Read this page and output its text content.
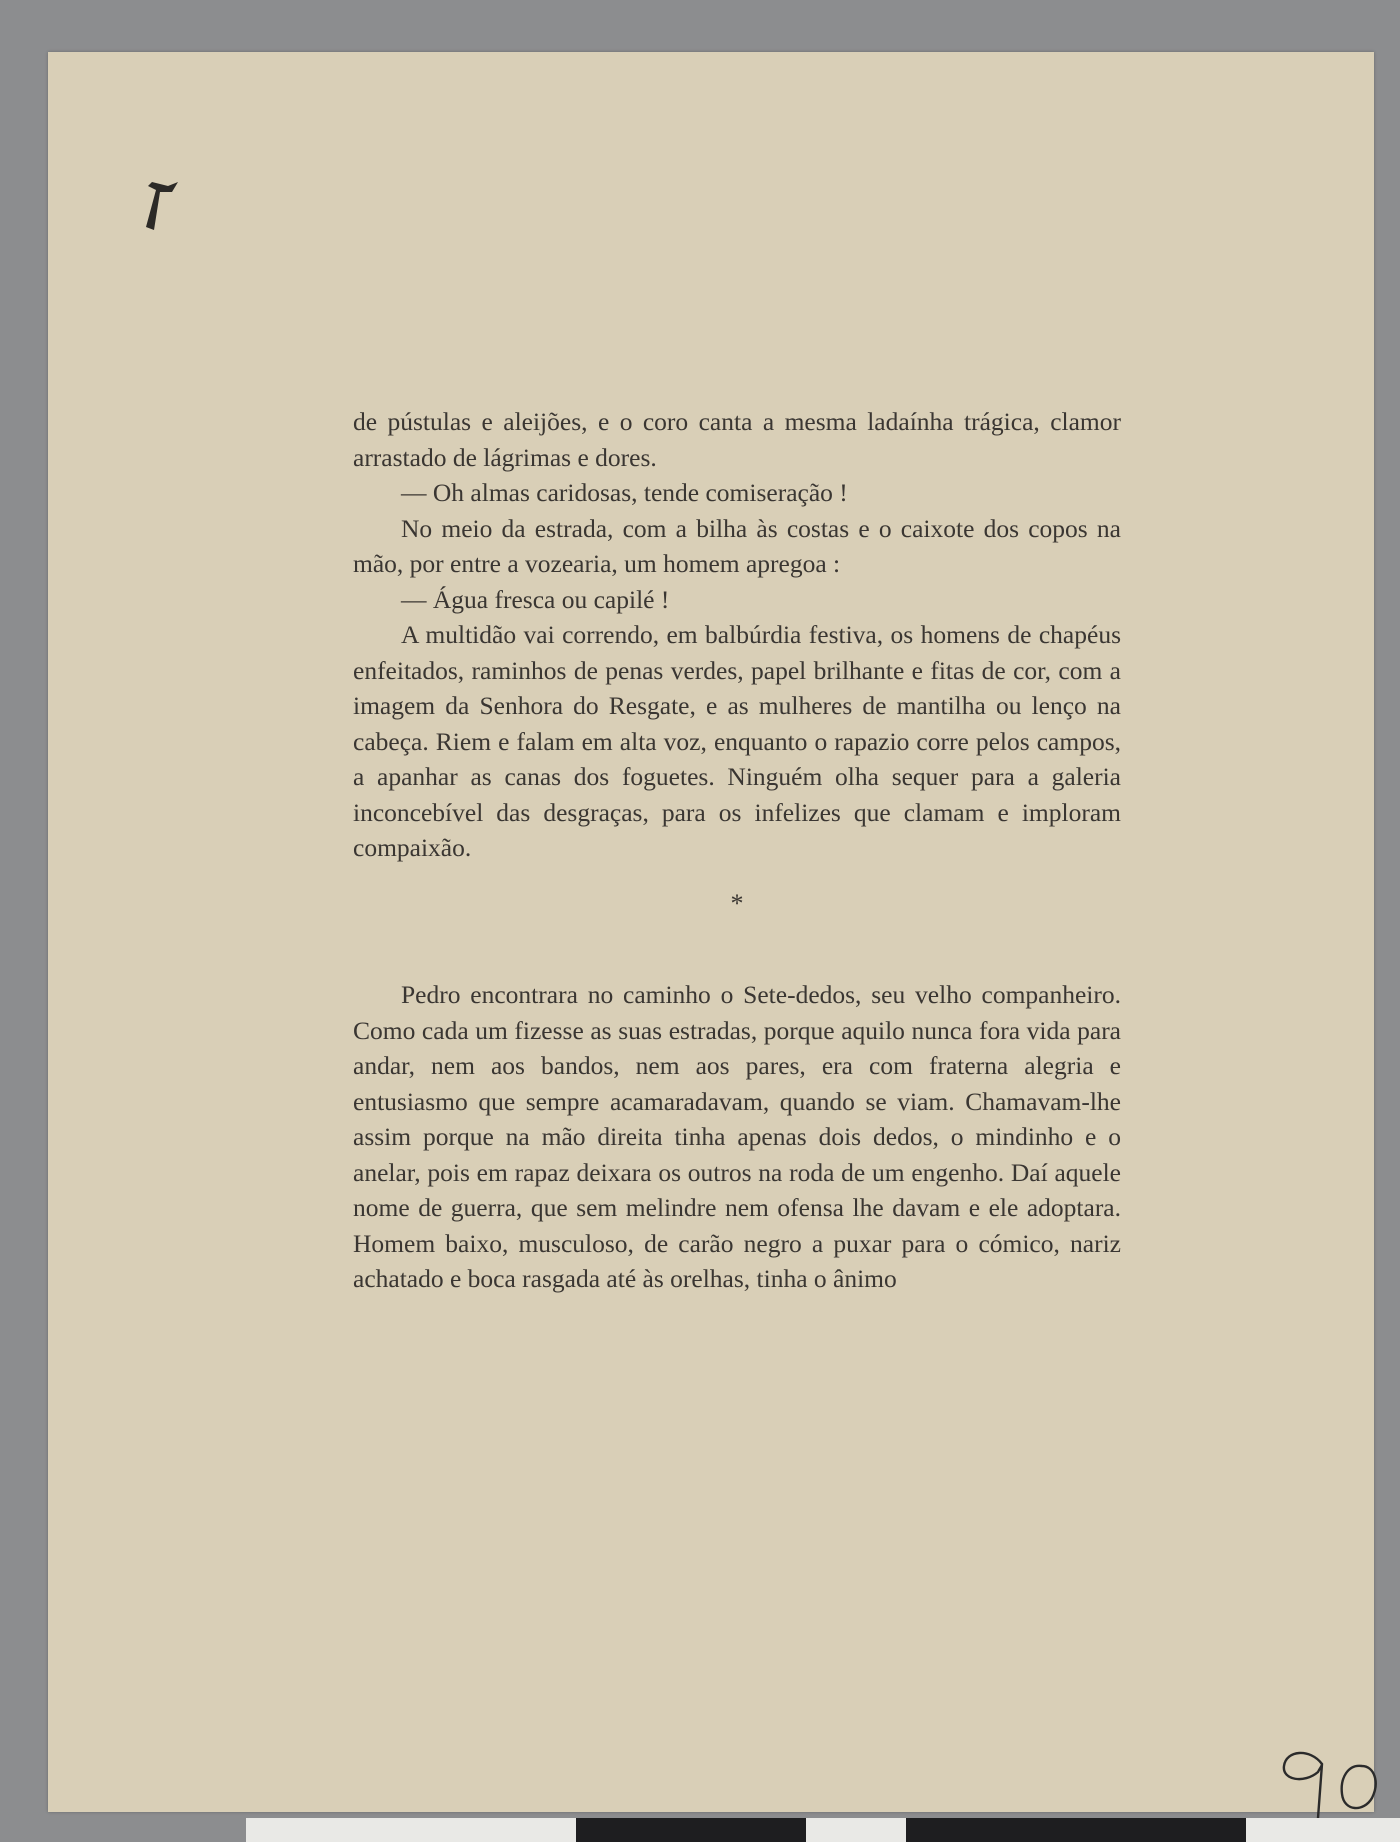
de pústulas e aleijões, e o coro canta a mesma ladaínha trágica, clamor arrastado de lágrimas e dores.

— Oh almas caridosas, tende comiseração !

No meio da estrada, com a bilha às costas e o caixote dos copos na mão, por entre a vozearia, um homem apregoa :

— Água fresca ou capilé !

A multidão vai correndo, em balbúrdia festiva, os homens de chapéus enfeitados, raminhos de penas verdes, papel brilhante e fitas de cor, com a imagem da Senhora do Resgate, e as mulheres de mantilha ou lenço na cabeça. Riem e falam em alta voz, enquanto o rapazio corre pelos campos, a apanhar as canas dos foguetes. Ninguém olha sequer para a galeria inconcebível das desgraças, para os infelizes que clamam e imploram compaixão.

*

Pedro encontrara no caminho o Sete-dedos, seu velho companheiro. Como cada um fizesse as suas estradas, porque aquilo nunca fora vida para andar, nem aos bandos, nem aos pares, era com fraterna alegria e entusiasmo que sempre acamaradavam, quando se viam. Chamavam-lhe assim porque na mão direita tinha apenas dois dedos, o mindinho e o anelar, pois em rapaz deixara os outros na roda de um engenho. Daí aquele nome de guerra, que sem melindre nem ofensa lhe davam e ele adoptara. Homem baixo, musculoso, de carão negro a puxar para o cómico, nariz achatado e boca rasgada até às orelhas, tinha o ânimo
